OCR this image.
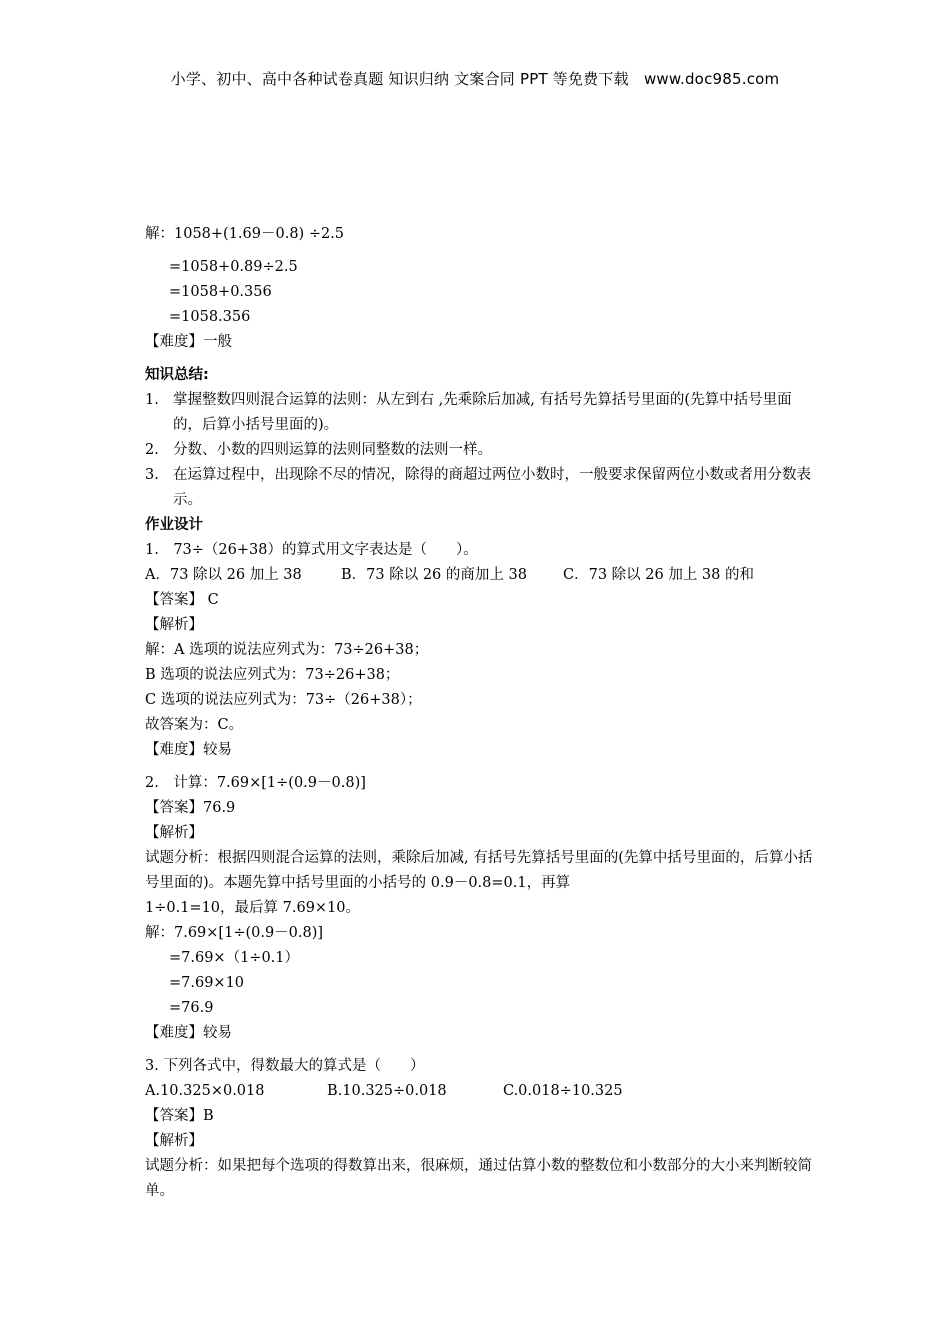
小学、初中、高中各种试卷真题 知识归纳 文案合同 PPT 等免费下载　www.doc985.com
解：1058+(1.69－0.8) ÷2.5
=1058+0.89÷2.5
=1058+0.356
=1058.356
【难度】一般
知识总结:
1. 掌握整数四则混合运算的法则：从左到右 ,先乘除后加减, 有括号先算括号里面的(先算中括号里面的，后算小括号里面的)。
2. 分数、小数的四则运算的法则同整数的法则一样。
3. 在运算过程中，出现除不尽的情况，除得的商超过两位小数时，一般要求保留两位小数或者用分数表示。
作业设计
1.　73÷（26+38）的算式用文字表达是（　　）。
A．73 除以 26 加上 38	B．73 除以 26 的商加上 38	C．73 除以 26 加上 38 的和
【答案】 C
【解析】
解：A 选项的说法应列式为：73÷26+38；
B 选项的说法应列式为：73÷26+38；
C 选项的说法应列式为：73÷（26+38）；
故答案为：C。
【难度】较易
2.　计算：7.69×[1÷(0.9－0.8)]
【答案】76.9
【解析】
试题分析：根据四则混合运算的法则，乘除后加减, 有括号先算括号里面的(先算中括号里面的，后算小括号里面的)。本题先算中括号里面的小括号的 0.9－0.8=0.1，再算
1÷0.1=10，最后算 7.69×10。
解：7.69×[1÷(0.9－0.8)]
=7.69×（1÷0.1）
=7.69×10
=76.9
【难度】较易
3. 下列各式中，得数最大的算式是（　　）
A.10.325×0.018	B.10.325÷0.018	C.0.018÷10.325
【答案】B
【解析】
试题分析：如果把每个选项的得数算出来，很麻烦，通过估算小数的整数位和小数部分的大小来判断较简单。
